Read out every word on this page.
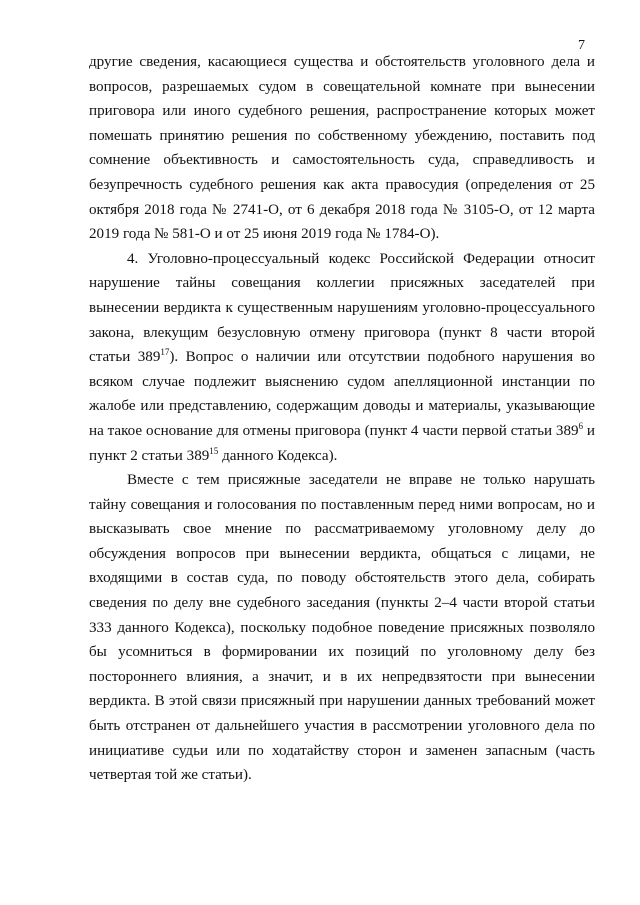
7

другие сведения, касающиеся существа и обстоятельств уголовного дела и вопросов, разрешаемых судом в совещательной комнате при вынесении приговора или иного судебного решения, распространение которых может помешать принятию решения по собственному убеждению, поставить под сомнение объективность и самостоятельность суда, справедливость и безупречность судебного решения как акта правосудия (определения от 25 октября 2018 года № 2741-О, от 6 декабря 2018 года № 3105-О, от 12 марта 2019 года № 581-О и от 25 июня 2019 года № 1784-О).

4. Уголовно-процессуальный кодекс Российской Федерации относит нарушение тайны совещания коллегии присяжных заседателей при вынесении вердикта к существенным нарушениям уголовно-процессуального закона, влекущим безусловную отмену приговора (пункт 8 части второй статьи $389^{17}$). Вопрос о наличии или отсутствии подобного нарушения во всяком случае подлежит выяснению судом апелляционной инстанции по жалобе или представлению, содержащим доводы и материалы, указывающие на такое основание для отмены приговора (пункт 4 части первой статьи $389^6$ и пункт 2 статьи $389^{15}$ данного Кодекса).

Вместе с тем присяжные заседатели не вправе не только нарушать тайну совещания и голосования по поставленным перед ними вопросам, но и высказывать свое мнение по рассматриваемому уголовному делу до обсуждения вопросов при вынесении вердикта, общаться с лицами, не входящими в состав суда, по поводу обстоятельств этого дела, собирать сведения по делу вне судебного заседания (пункты 2–4 части второй статьи 333 данного Кодекса), поскольку подобное поведение присяжных позволяло бы усомниться в формировании их позиций по уголовному делу без постороннего влияния, а значит, и в их непредвзятости при вынесении вердикта. В этой связи присяжный при нарушении данных требований может быть отстранен от дальнейшего участия в рассмотрении уголовного дела по инициативе судьи или по ходатайству сторон и заменен запасным (часть четвертая той же статьи).
